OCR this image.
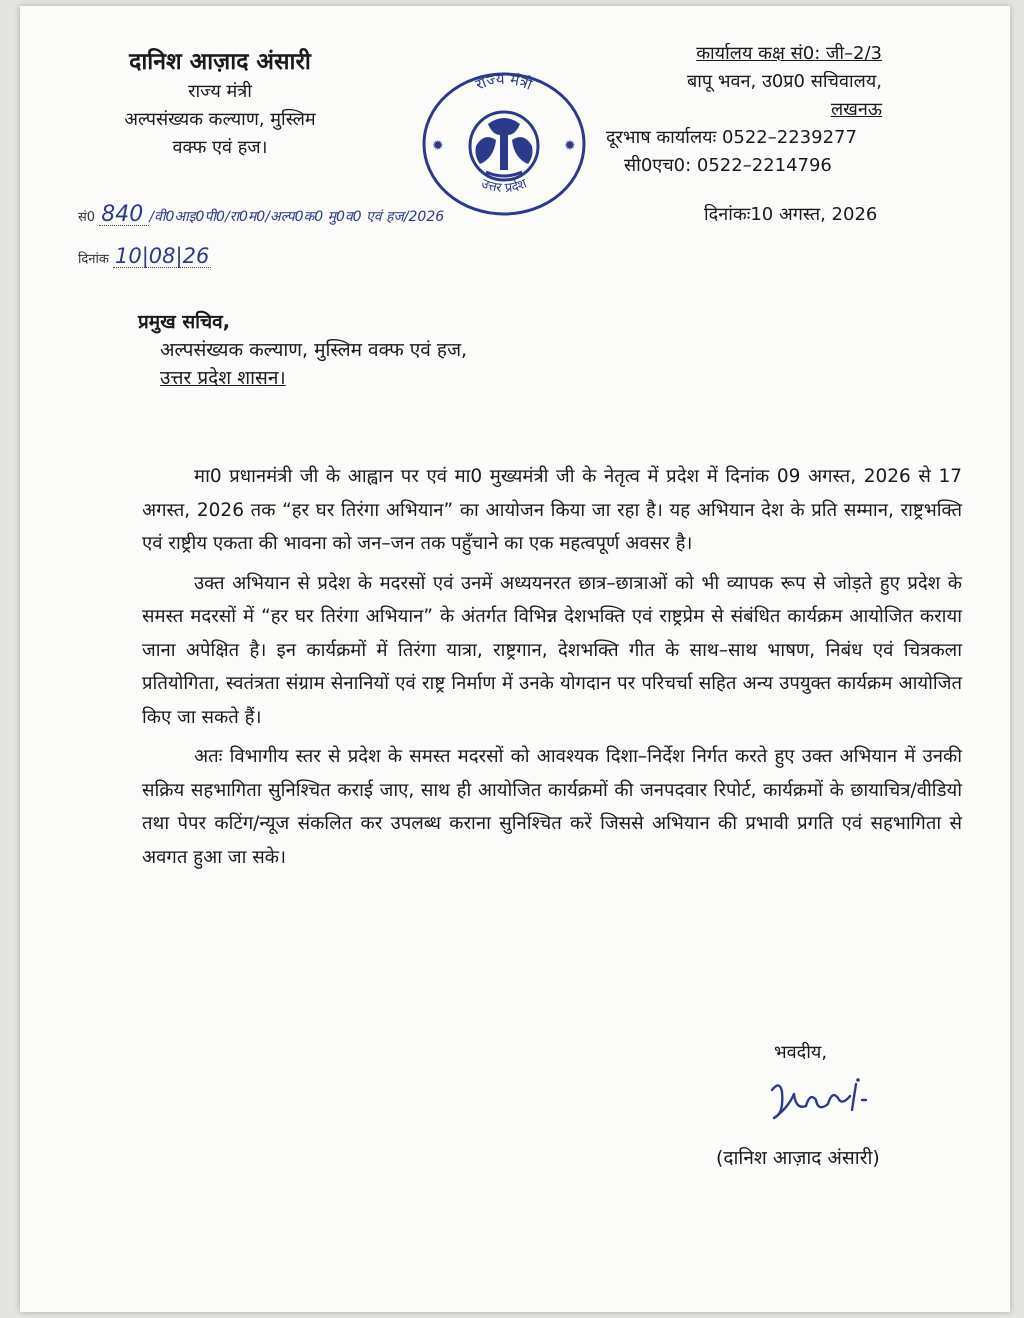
दानिश आज़ाद अंसारी
राज्य मंत्री
अल्पसंख्यक कल्याण, मुस्लिम
वक्फ एवं हज।
राज्य मंत्री
उत्तर प्रदेश
✹	✹
कार्यालय कक्ष सं0: जी–2/3
बापू भवन, उ0प्र0 सचिवालय,
लखनऊ
दूरभाष कार्यालयः 0522–2239277
सी0एच0: 0522–2214796
सं0 840 /वी0आइ0पी0/रा0म0/अल्प0क0 मु0व0 एवं हज/2026
दिनांक 10|08|26
दिनांकः10 अगस्त, 2026
प्रमुख सचिव,
अल्पसंख्यक कल्याण, मुस्लिम वक्फ एवं हज,
उत्तर प्रदेश शासन।

मा0 प्रधानमंत्री जी के आह्वान पर एवं मा0 मुख्यमंत्री जी के नेतृत्व में प्रदेश में दिनांक 09 अगस्त, 2026 से 17 अगस्त, 2026 तक “हर घर तिरंगा अभियान” का आयोजन किया जा रहा है। यह अभियान देश के प्रति सम्मान, राष्ट्रभक्ति एवं राष्ट्रीय एकता की भावना को जन–जन तक पहुँचाने का एक महत्वपूर्ण अवसर है।

उक्त अभियान से प्रदेश के मदरसों एवं उनमें अध्ययनरत छात्र–छात्राओं को भी व्यापक रूप से जोड़ते हुए प्रदेश के समस्त मदरसों में “हर घर तिरंगा अभियान” के अंतर्गत विभिन्न देशभक्ति एवं राष्ट्रप्रेम से संबंधित कार्यक्रम आयोजित कराया जाना अपेक्षित है। इन कार्यक्रमों में तिरंगा यात्रा, राष्ट्रगान, देशभक्ति गीत के साथ–साथ भाषण, निबंध एवं चित्रकला प्रतियोगिता, स्वतंत्रता संग्राम सेनानियों एवं राष्ट्र निर्माण में उनके योगदान पर परिचर्चा सहित अन्य उपयुक्त कार्यक्रम आयोजित किए जा सकते हैं।

अतः विभागीय स्तर से प्रदेश के समस्त मदरसों को आवश्यक दिशा–निर्देश निर्गत करते हुए उक्त अभियान में उनकी सक्रिय सहभागिता सुनिश्चित कराई जाए, साथ ही आयोजित कार्यक्रमों की जनपदवार रिपोर्ट, कार्यक्रमों के छायाचित्र/वीडियो तथा पेपर कटिंग/न्यूज संकलित कर उपलब्ध कराना सुनिश्चित करें जिससे अभियान की प्रभावी प्रगति एवं सहभागिता से अवगत हुआ जा सके।

भवदीय,
(दानिश आज़ाद अंसारी)
